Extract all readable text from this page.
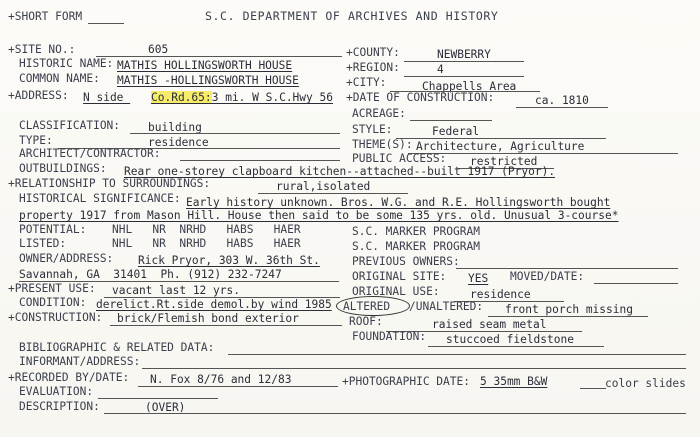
+SHORT FORM	S.C. DEPARTMENT OF ARCHIVES AND HISTORY
+SITE NO.:	605	+COUNTY:	NEWBERRY
HISTORIC NAME: MATHIS HOLLINGSWORTH HOUSE	+REGION:	4
COMMON NAME: MATHIS -HOLLINGSWORTH HOUSE	+CITY:	Chappells Area
+ADDRESS: N side Co.Rd.65:
3 mi. W S.C.Hwy 56 +DATE OF CONSTRUCTION:	ca. 1810
ACREAGE:
CLASSIFICATION: building	STYLE:	Federal
TYPE:	residence	THEME(S): Architecture, Agriculture
ARCHITECT/CONTRACTOR:	PUBLIC ACCESS: restricted
OUTBUILDINGS: Rear one-storey clapboard kitchen--attached--built 1917 (Pryor).
+RELATIONSHIP TO SURROUNDINGS:	rural,isolated
HISTORICAL SIGNIFICANCE: Early history unknown. Bros. W.G. and R.E. Hollingsworth bought
property 1917 from Mason Hill. House then said to be some 135 yrs. old. Unusual 3-course*
POTENTIAL: NHL   NR  NRHD   HABS   HAER	S.C. MARKER PROGRAM
LISTED:	NHL   NR  NRHD   HABS   HAER	S.C. MARKER PROGRAM
OWNER/ADDRESS: Rick Pryor, 303 W. 36th St.
Savannah, GA  31401  Ph. (912) 232-7247
PREVIOUS OWNERS:
+PRESENT USE: vacant last 12 yrs.
ORIGINAL SITE: YES MOVED/DATE:
ORIGINAL USE:	residence
CONDITION: derelict.Rt.side demol.by wind 1985 ALTERED /UNALTERED: front porch missing
+CONSTRUCTION: brick/Flemish bond exterior	ROOF:	raised seam metal
FOUNDATION: stuccoed fieldstone
BIBLIOGRAPHIC & RELATED DATA:
INFORMANT/ADDRESS:
+RECORDED BY/DATE: N. Fox 8/76 and 12/83	+PHOTOGRAPHIC DATE: 5 35mm B&W	color slides
EVALUATION:
DESCRIPTION:	(OVER)
